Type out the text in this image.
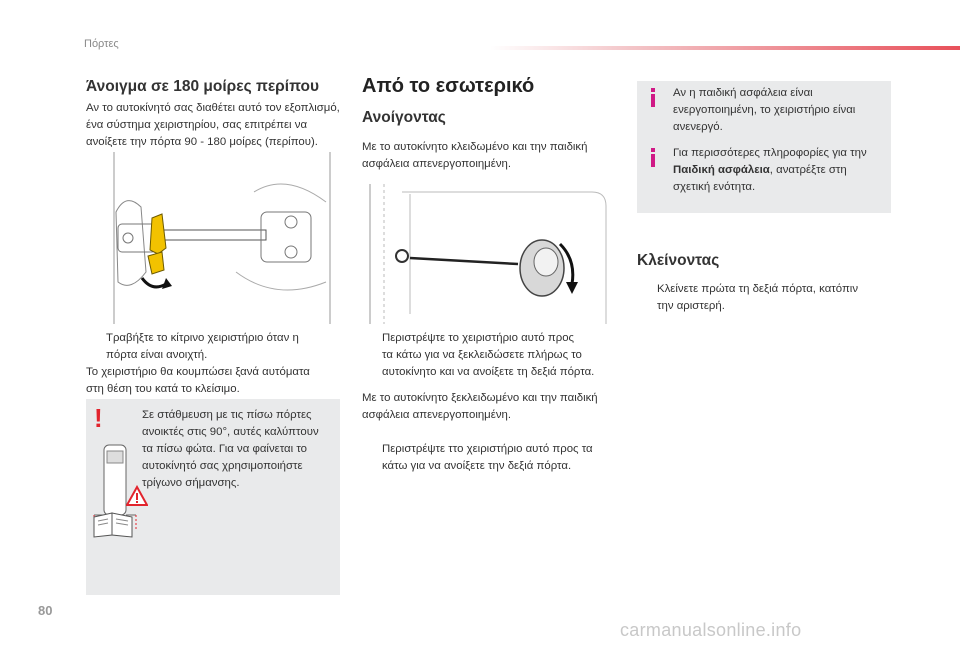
Πόρτες
Άνοιγμα σε 180 μοίρες περίπου

Αν το αυτοκίνητό σας διαθέτει αυτό τον εξοπλισμό,

ένα σύστημα χειριστηρίου, σας επιτρέπει να

ανοίξετε την πόρτα 90 - 180 μοίρες (περίπου).

Τραβήξτε το κίτρινο χειριστήριο όταν η
πόρτα είναι ανοιχτή.

Το χειριστήριο θα κουμπώσει ξανά αυτόματα

στη θέση του κατά το κλείσιμο.

!	Σε στάθμευση με τις πίσω πόρτες

ανοικτές στις 90°, αυτές καλύπτουν

τα πίσω φώτα. Για να φαίνεται το

αυτοκίνητό σας χρησιμοποιήστε

τρίγωνο σήμανσης.

Από το εσωτερικό
Ανοίγοντας

Με το αυτοκίνητο κλειδωμένο και την παιδική

ασφάλεια απενεργοποιημένη.

Περιστρέψτε το χειριστήριο αυτό προς
τα κάτω για να ξεκλειδώσετε πλήρως το
αυτοκίνητο και να ανοίξετε τη δεξιά πόρτα.

Με το αυτοκίνητο ξεκλειδωμένο και την παιδική

ασφάλεια απενεργοποιημένη.

Περιστρέψτε ττο χειριστήριο αυτό προς τα
κάτω για να ανοίξετε την δεξιά πόρτα.

Αν η παιδική ασφάλεια είναι

ενεργοποιημένη, το χειριστήριο είναι

ανενεργό.

Για περισσότερες πληροφορίες για την

Παιδική ασφάλεια, ανατρέξτε στη

σχετική ενότητα.

Κλείνοντας
Κλείνετε πρώτα τη δεξιά πόρτα, κατόπιν
την αριστερή.
80
carmanualsonline.info
